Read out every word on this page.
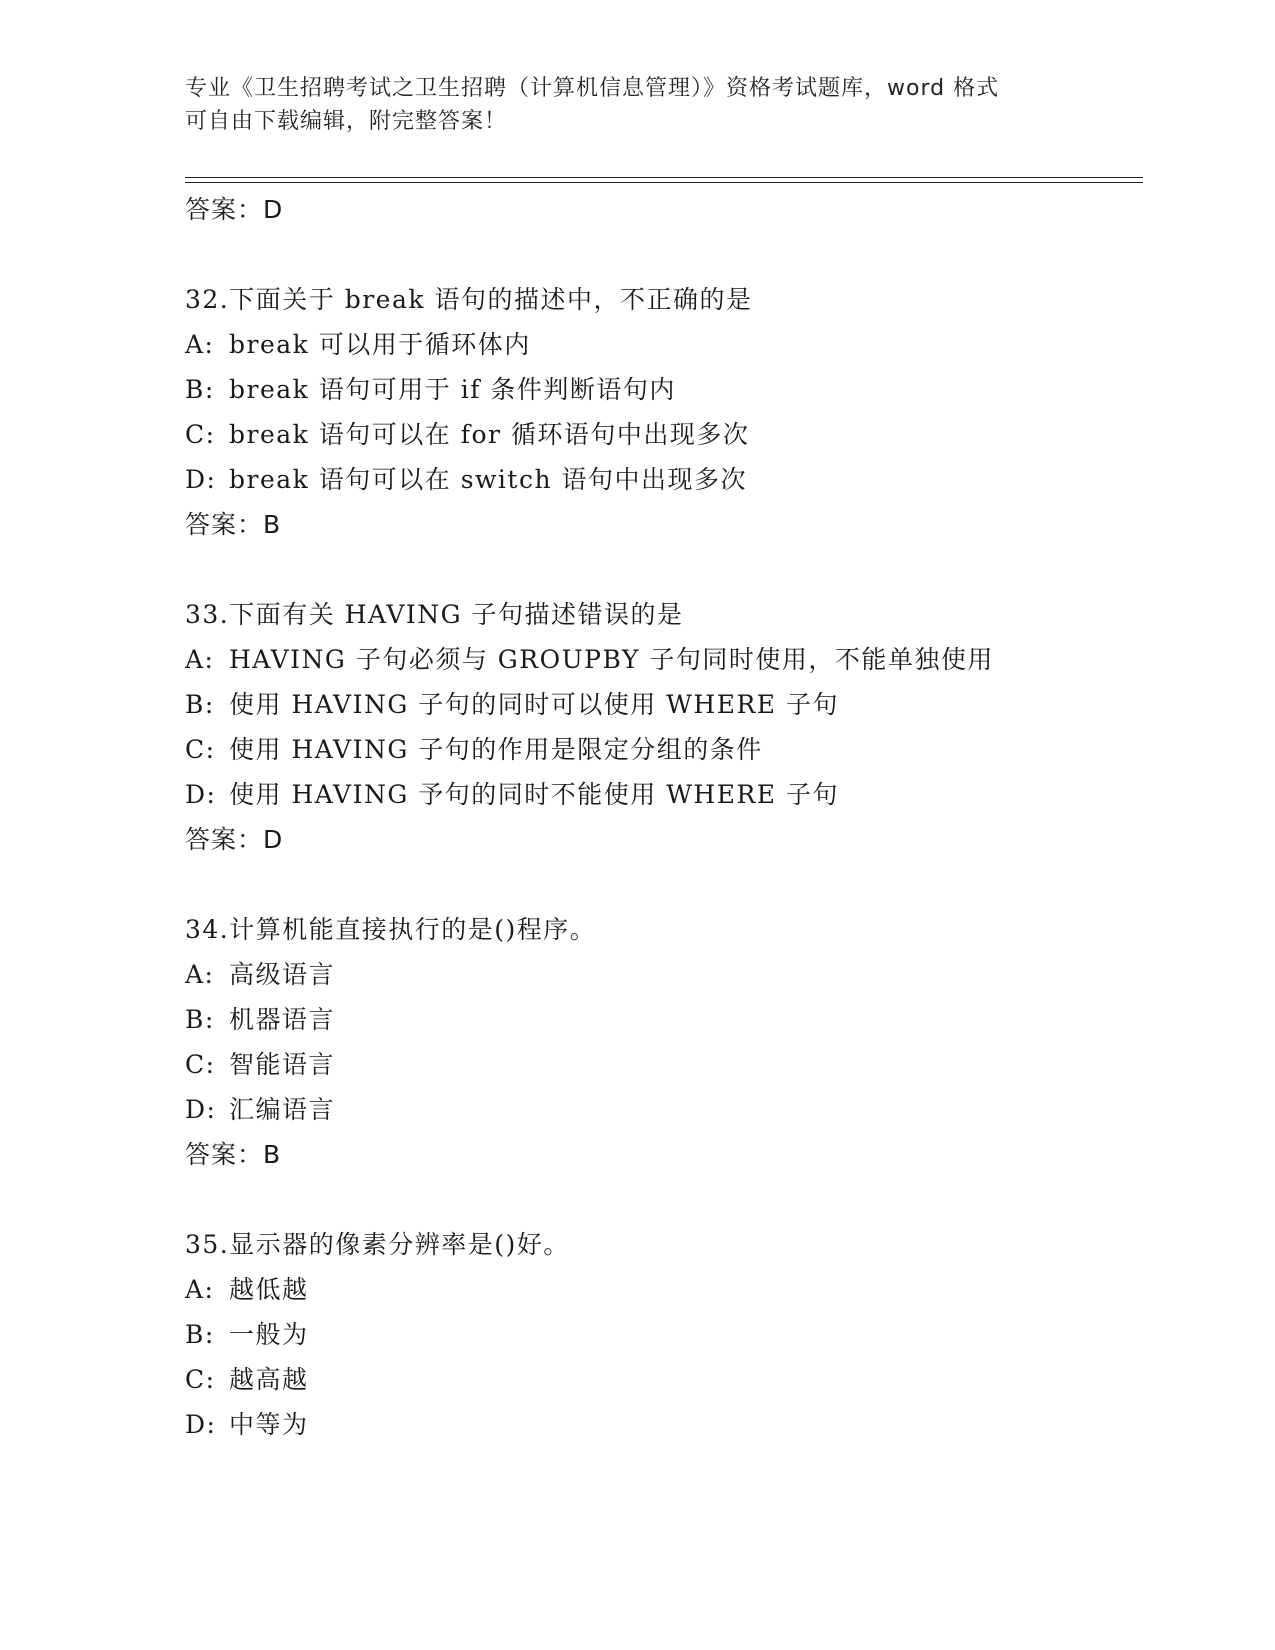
专业《卫生招聘考试之卫生招聘（计算机信息管理）》资格考试题库，word 格式
可自由下载编辑，附完整答案！
答案：D
32.下面关于 break 语句的描述中，不正确的是
A: break 可以用于循环体内
B: break 语句可用于 if 条件判断语句内
C: break 语句可以在 for 循环语句中出现多次
D: break 语句可以在 switch 语句中出现多次
答案：B
33.下面有关 HAVING 子句描述错误的是
A: HAVING 子句必须与 GROUPBY 子句同时使用，不能单独使用
B: 使用 HAVING 子句的同时可以使用 WHERE 子句
C: 使用 HAVING 子句的作用是限定分组的条件
D: 使用 HAVING 予句的同时不能使用 WHERE 子句
答案：D
34.计算机能直接执行的是()程序。
A: 高级语言
B: 机器语言
C: 智能语言
D: 汇编语言
答案：B
35.显示器的像素分辨率是()好。
A: 越低越
B: 一般为
C: 越高越
D: 中等为
